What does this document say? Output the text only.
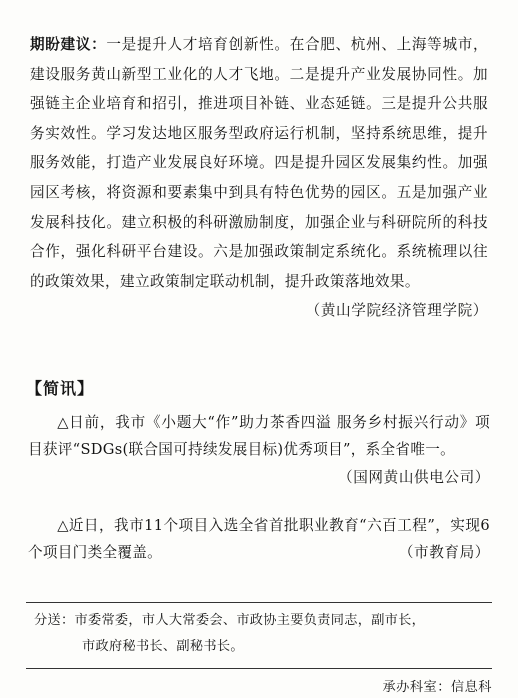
期盼建议：一是提升人才培育创新性。在合肥、杭州、上海等城市，建设服务黄山新型工业化的人才飞地。二是提升产业发展协同性。加强链主企业培育和招引，推进项目补链、业态延链。三是提升公共服务实效性。学习发达地区服务型政府运行机制，坚持系统思维，提升服务效能，打造产业发展良好环境。四是提升园区发展集约性。加强园区考核，将资源和要素集中到具有特色优势的园区。五是加强产业发展科技化。建立积极的科研激励制度，加强企业与科研院所的科技合作，强化科研平台建设。六是加强政策制定系统化。系统梳理以往的政策效果，建立政策制定联动机制，提升政策落地效果。
（黄山学院经济管理学院）

【简讯】

△日前，我市《小题大“作”助力茶香四溢 服务乡村振兴行动》项目获评“SDGs(联合国可持续发展目标)优秀项目”，系全省唯一。
（国网黄山供电公司）

△近日，我市11个项目入选全省首批职业教育“六百工程”，实现6个项目门类全覆盖。	（市教育局）

分送：市委常委，市人大常委会、市政协主要负责同志，副市长，
市政府秘书长、副秘书长。

承办科室：信息科
